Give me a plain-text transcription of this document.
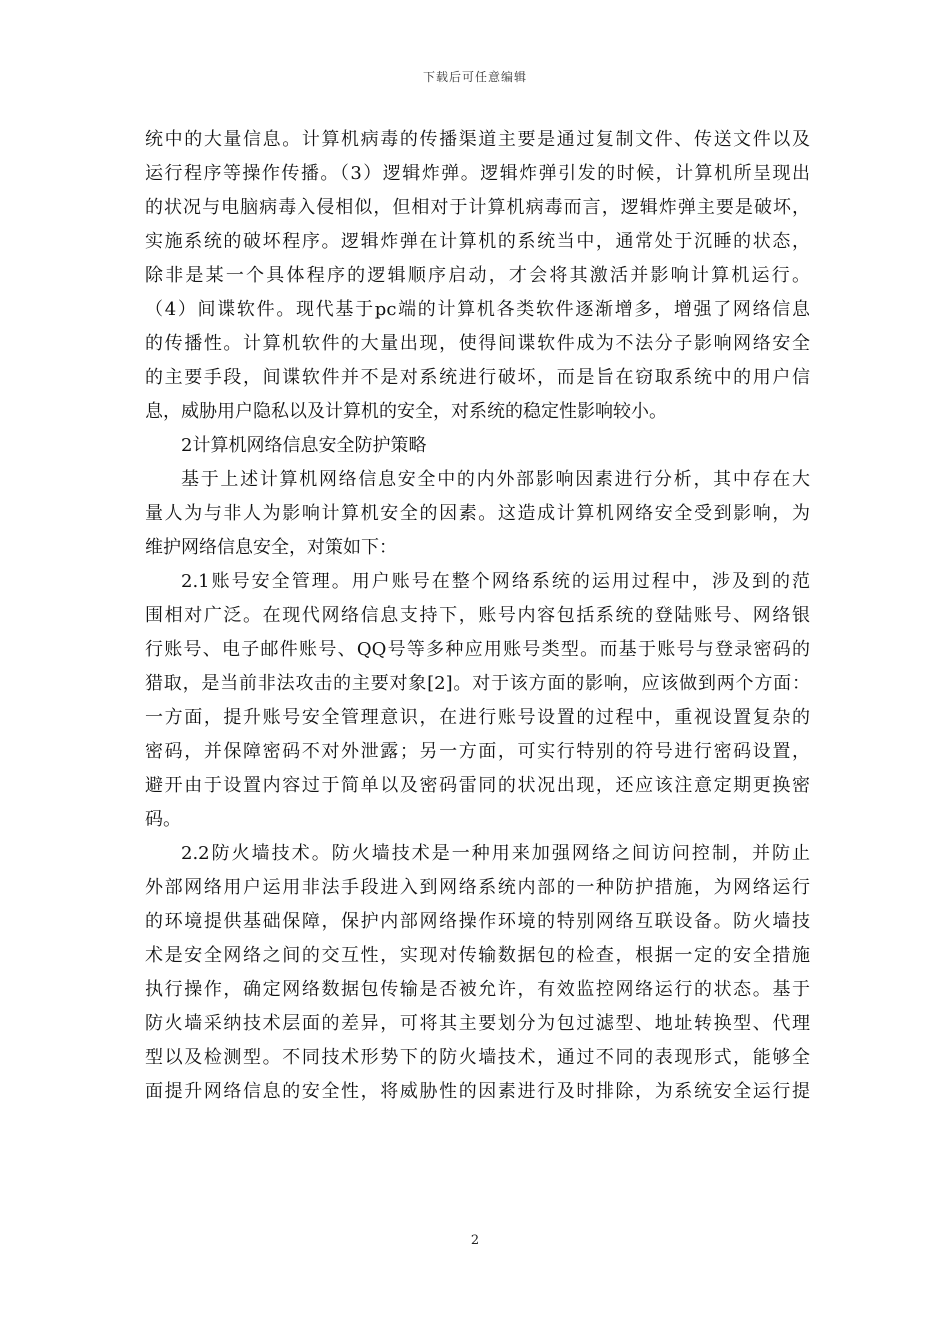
下载后可任意编辑
统中的大量信息。计算机病毒的传播渠道主要是通过复制文件、传送文件以及
运行程序等操作传播。（3）逻辑炸弹。逻辑炸弹引发的时候，计算机所呈现出
的状况与电脑病毒入侵相似，但相对于计算机病毒而言，逻辑炸弹主要是破坏，
实施系统的破坏程序。逻辑炸弹在计算机的系统当中，通常处于沉睡的状态，
除非是某一个具体程序的逻辑顺序启动，才会将其激活并影响计算机运行。
（4）间谍软件。现代基于pc端的计算机各类软件逐渐增多，增强了网络信息
的传播性。计算机软件的大量出现，使得间谍软件成为不法分子影响网络安全
的主要手段，间谍软件并不是对系统进行破坏，而是旨在窃取系统中的用户信
息，威胁用户隐私以及计算机的安全，对系统的稳定性影响较小。
2计算机网络信息安全防护策略
基于上述计算机网络信息安全中的内外部影响因素进行分析，其中存在大
量人为与非人为影响计算机安全的因素。这造成计算机网络安全受到影响，为
维护网络信息安全，对策如下：
2.1账号安全管理。用户账号在整个网络系统的运用过程中，涉及到的范
围相对广泛。在现代网络信息支持下，账号内容包括系统的登陆账号、网络银
行账号、电子邮件账号、QQ号等多种应用账号类型。而基于账号与登录密码的
猎取，是当前非法攻击的主要对象[2]。对于该方面的影响，应该做到两个方面：
一方面，提升账号安全管理意识，在进行账号设置的过程中，重视设置复杂的
密码，并保障密码不对外泄露；另一方面，可实行特别的符号进行密码设置，
避开由于设置内容过于简单以及密码雷同的状况出现，还应该注意定期更换密
码。
2.2防火墙技术。防火墙技术是一种用来加强网络之间访问控制，并防止
外部网络用户运用非法手段进入到网络系统内部的一种防护措施，为网络运行
的环境提供基础保障，保护内部网络操作环境的特别网络互联设备。防火墙技
术是安全网络之间的交互性，实现对传输数据包的检查，根据一定的安全措施
执行操作，确定网络数据包传输是否被允许，有效监控网络运行的状态。基于
防火墙采纳技术层面的差异，可将其主要划分为包过滤型、地址转换型、代理
型以及检测型。不同技术形势下的防火墙技术，通过不同的表现形式，能够全
面提升网络信息的安全性，将威胁性的因素进行及时排除，为系统安全运行提
2
